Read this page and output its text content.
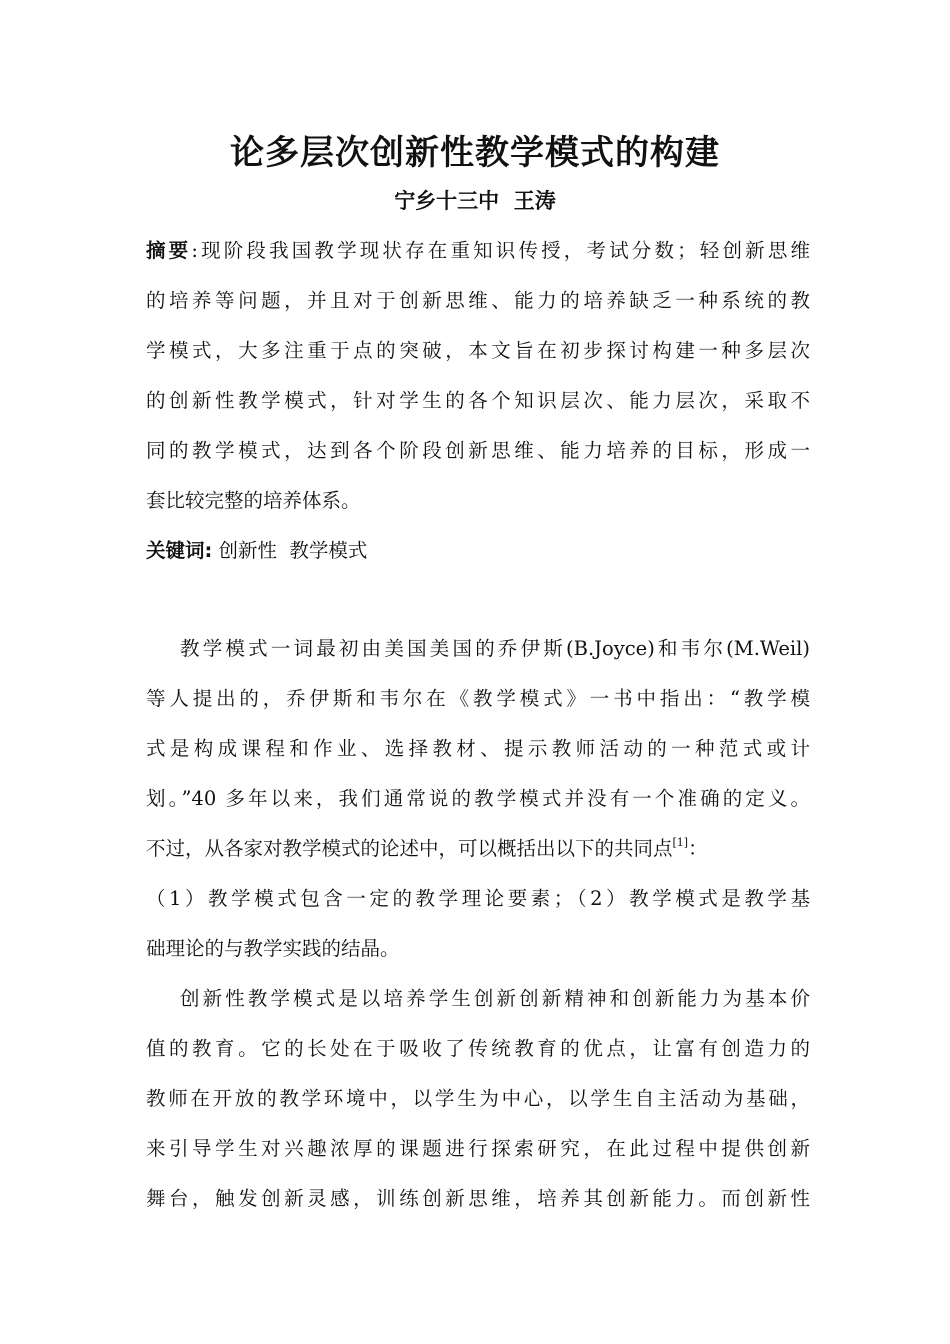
论多层次创新性教学模式的构建
宁乡十三中  王涛
摘要:现阶段我国教学现状存在重知识传授，考试分数；轻创新思维
的培养等问题，并且对于创新思维、能力的培养缺乏一种系统的教
学模式，大多注重于点的突破，本文旨在初步探讨构建一种多层次
的创新性教学模式，针对学生的各个知识层次、能力层次，采取不
同的教学模式，达到各个阶段创新思维、能力培养的目标，形成一
套比较完整的培养体系。
关键词: 创新性  教学模式
教学模式一词最初由美国美国的乔伊斯(B.Joyce)和韦尔(M.Weil)
等人提出的，乔伊斯和韦尔在《教学模式》一书中指出：“教学模
式是构成课程和作业、选择教材、提示教师活动的一种范式或计
划。”40 多年以来，我们通常说的教学模式并没有一个准确的定义。
不过，从各家对教学模式的论述中，可以概括出以下的共同点[1]：
（1）教学模式包含一定的教学理论要素；（2）教学模式是教学基
础理论的与教学实践的结晶。
创新性教学模式是以培养学生创新创新精神和创新能力为基本价
值的教育。它的长处在于吸收了传统教育的优点，让富有创造力的
教师在开放的教学环境中，以学生为中心，以学生自主活动为基础，
来引导学生对兴趣浓厚的课题进行探索研究，在此过程中提供创新
舞台，触发创新灵感，训练创新思维，培养其创新能力。而创新性
